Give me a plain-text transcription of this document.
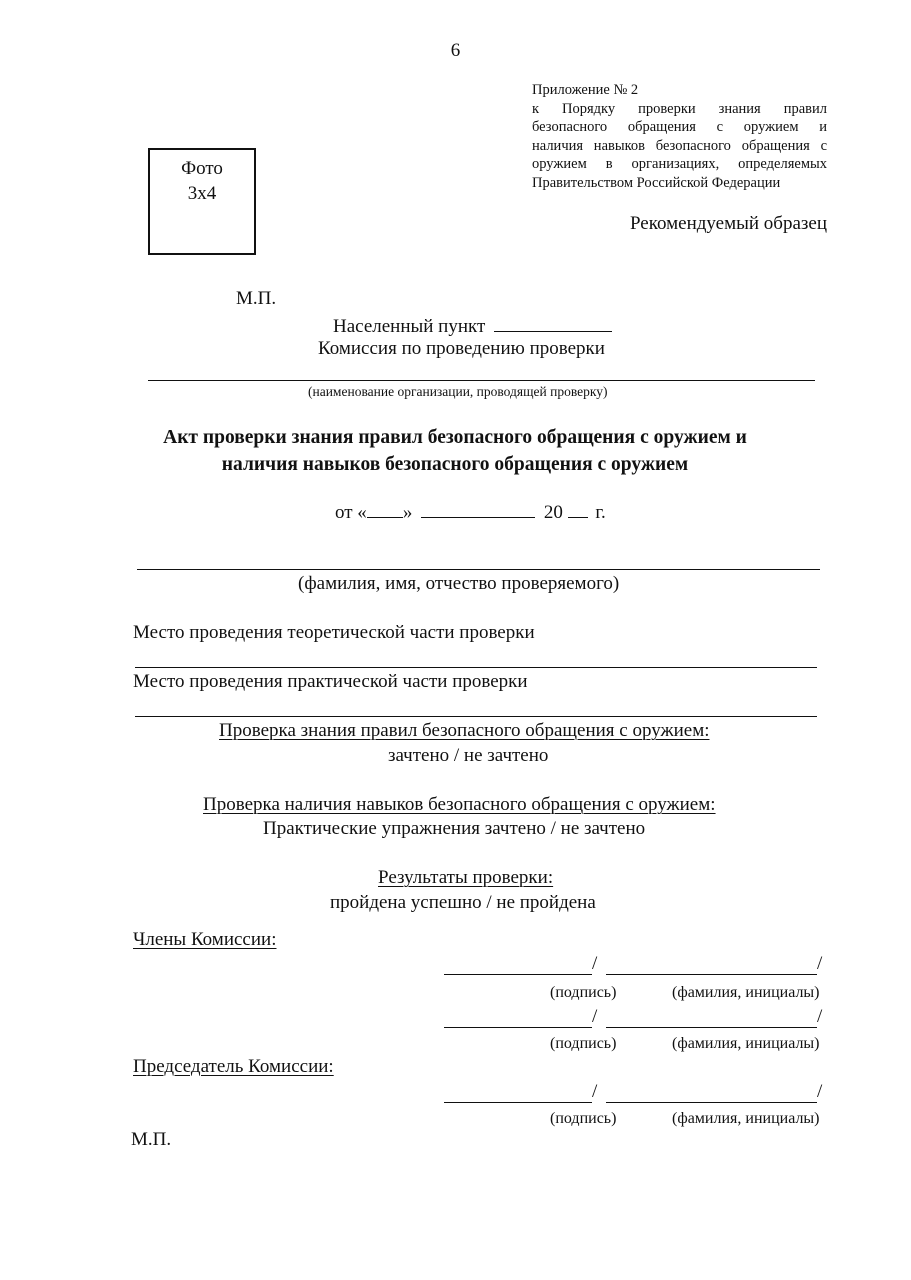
6
Приложение № 2
к Порядку проверки знания правил
безопасного обращения с оружием и
наличия навыков безопасного обращения с
оружием в организациях, определяемых
Правительством Российской Федерации
Фото
3х4
Рекомендуемый образец
М.П.
Населенный пункт
Комиссия по проведению проверки
(наименование организации, проводящей проверку)
Акт проверки знания правил безопасного обращения с оружием и
наличия навыков безопасного обращения с оружием
от « »	20 г.
(фамилия, имя, отчество проверяемого)
Место проведения теоретической части проверки
Место проведения практической части проверки
Проверка знания правил безопасного обращения с оружием:
зачтено / не зачтено
Проверка наличия навыков безопасного обращения с оружием:
Практические упражнения зачтено / не зачтено
Результаты проверки:
пройдена успешно / не пройдена
Члены Комиссии:
/	/
(подпись)	(фамилия, инициалы)
/	/
(подпись)	(фамилия, инициалы)
Председатель Комиссии:
/	/
(подпись)	(фамилия, инициалы)
М.П.
